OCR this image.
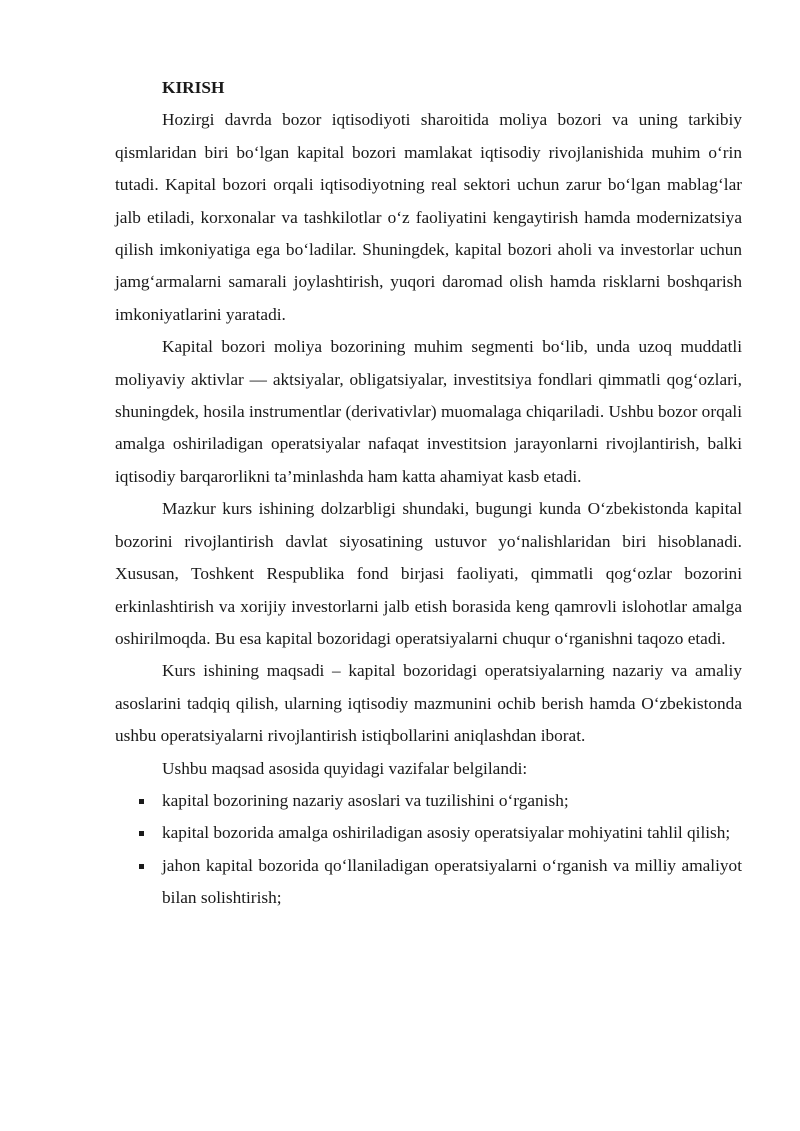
KIRISH

Hozirgi davrda bozor iqtisodiyoti sharoitida moliya bozori va uning tarkibiy qismlaridan biri bo‘lgan kapital bozori mamlakat iqtisodiy rivojlanishida muhim o‘rin tutadi. Kapital bozori orqali iqtisodiyotning real sektori uchun zarur bo‘lgan mablag‘lar jalb etiladi, korxonalar va tashkilotlar o‘z faoliyatini kengaytirish hamda modernizatsiya qilish imkoniyatiga ega bo‘ladilar. Shuningdek, kapital bozori aholi va investorlar uchun jamg‘armalarni samarali joylashtirish, yuqori daromad olish hamda risklarni boshqarish imkoniyatlarini yaratadi.

Kapital bozori moliya bozorining muhim segmenti bo‘lib, unda uzoq muddatli moliyaviy aktivlar — aktsiyalar, obligatsiyalar, investitsiya fondlari qimmatli qog‘ozlari, shuningdek, hosila instrumentlar (derivativlar) muomalaga chiqariladi. Ushbu bozor orqali amalga oshiriladigan operatsiyalar nafaqat investitsion jarayonlarni rivojlantirish, balki iqtisodiy barqarorlikni ta’minlashda ham katta ahamiyat kasb etadi.

Mazkur kurs ishining dolzarbligi shundaki, bugungi kunda O‘zbekistonda kapital bozorini rivojlantirish davlat siyosatining ustuvor yo‘nalishlaridan biri hisoblanadi. Xususan, Toshkent Respublika fond birjasi faoliyati, qimmatli qog‘ozlar bozorini erkinlashtirish va xorijiy investorlarni jalb etish borasida keng qamrovli islohotlar amalga oshirilmoqda. Bu esa kapital bozoridagi operatsiyalarni chuqur o‘rganishni taqozo etadi.

Kurs ishining maqsadi – kapital bozoridagi operatsiyalarning nazariy va amaliy asoslarini tadqiq qilish, ularning iqtisodiy mazmunini ochib berish hamda O‘zbekistonda ushbu operatsiyalarni rivojlantirish istiqbollarini aniqlashdan iborat.

Ushbu maqsad asosida quyidagi vazifalar belgilandi:

kapital bozorining nazariy asoslari va tuzilishini o‘rganish;
kapital bozorida amalga oshiriladigan asosiy operatsiyalar mohiyatini tahlil qilish;
jahon kapital bozorida qo‘llaniladigan operatsiyalarni o‘rganish va milliy amaliyot bilan solishtirish;
